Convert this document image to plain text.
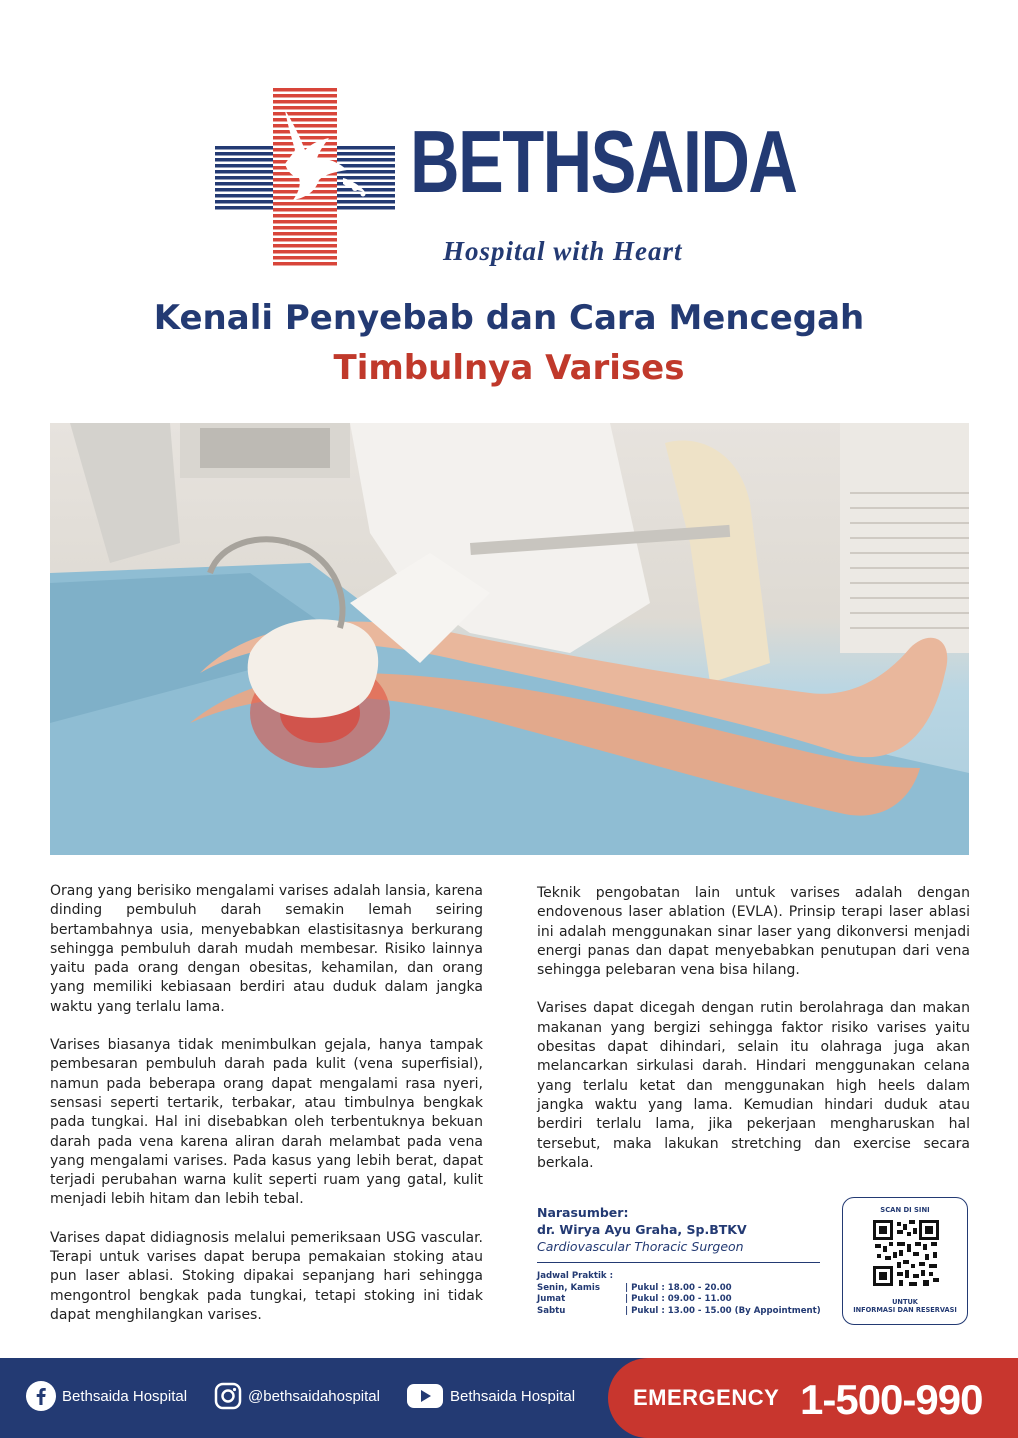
BETHSAIDA
Hospital with Heart
Kenali Penyebab dan Cara Mencegah
Timbulnya Varises

Orang yang berisiko mengalami varises adalah lansia, karena dinding pembuluh darah semakin lemah seiring bertambahnya usia, menyebabkan elastisitasnya berkurang sehingga pembuluh darah mudah membesar. Risiko lainnya yaitu pada orang dengan obesitas, kehamilan, dan orang yang memiliki kebiasaan berdiri atau duduk dalam jangka waktu yang terlalu lama.

Varises biasanya tidak menimbulkan gejala, hanya tampak pembesaran pembuluh darah pada kulit (vena superfisial), namun pada beberapa orang dapat mengalami rasa nyeri, sensasi seperti tertarik, terbakar, atau timbulnya bengkak pada tungkai. Hal ini disebabkan oleh terbentuknya bekuan darah pada vena karena aliran darah melambat pada vena yang mengalami varises. Pada kasus yang lebih berat, dapat terjadi perubahan warna kulit seperti ruam yang gatal, kulit menjadi lebih hitam dan lebih tebal.

Varises dapat didiagnosis melalui pemeriksaan USG vascular. Terapi untuk varises dapat berupa pemakaian stoking atau pun laser ablasi. Stoking dipakai sepanjang hari sehingga mengontrol bengkak pada tungkai, tetapi stoking ini tidak dapat menghilangkan varises.

Teknik pengobatan lain untuk varises adalah dengan endovenous laser ablation (EVLA). Prinsip terapi laser ablasi ini adalah menggunakan sinar laser yang dikonversi menjadi energi panas dan dapat menyebabkan penutupan dari vena sehingga pelebaran vena bisa hilang.

Varises dapat dicegah dengan rutin berolahraga dan makan makanan yang bergizi sehingga faktor risiko varises yaitu obesitas dapat dihindari, selain itu olahraga juga akan melancarkan sirkulasi darah. Hindari menggunakan celana yang terlalu ketat dan menggunakan high heels dalam jangka waktu yang lama. Kemudian hindari duduk atau berdiri terlalu lama, jika pekerjaan mengharuskan hal tersebut, maka lakukan stretching dan exercise secara berkala.

Narasumber:
dr. Wirya Ayu Graha, Sp.BTKV
Cardiovascular Thoracic Surgeon
Jadwal Praktik :
Senin, Kamis	| Pukul : 18.00 - 20.00
Jumat	| Pukul : 09.00 - 11.00
Sabtu	| Pukul : 13.00 - 15.00 (By Appointment)
SCAN DI SINI
UNTUK
INFORMASI DAN RESERVASI
Bethsaida Hospital	@bethsaidahospital	Bethsaida Hospital	EMERGENCY 1-500-990
